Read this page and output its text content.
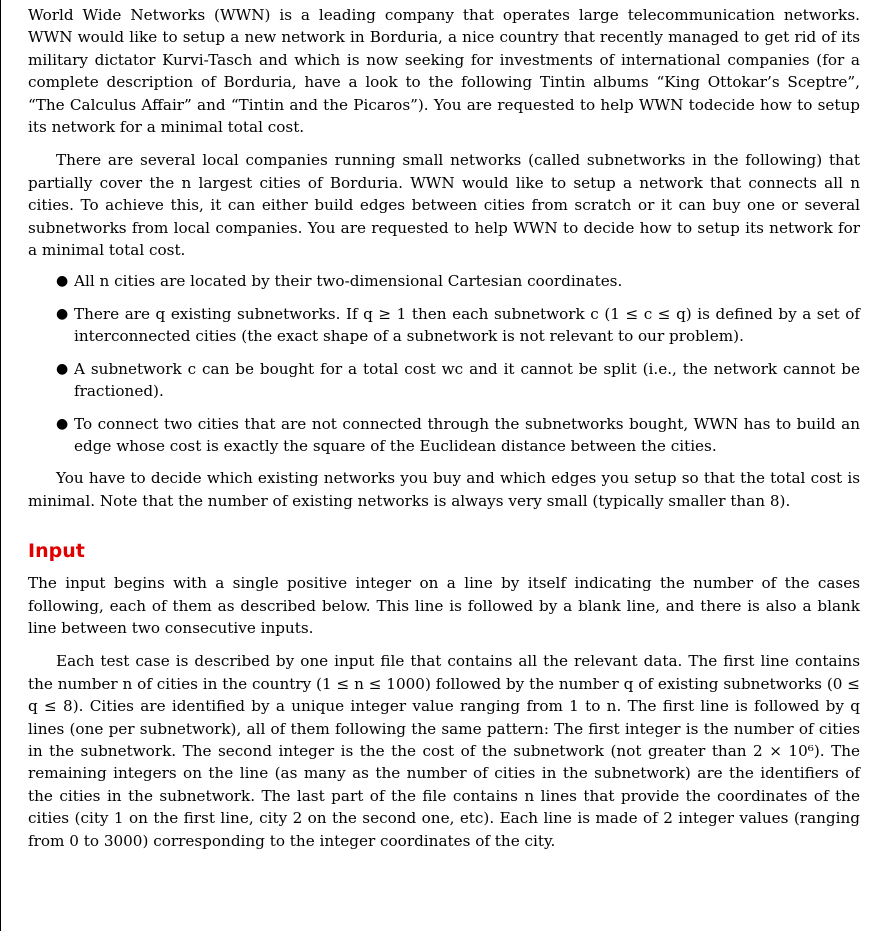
World Wide Networks (WWN) is a leading company that operates large telecommunication networks. WWN would like to setup a new network in Borduria, a nice country that recently managed to get rid of its military dictator Kurvi-Tasch and which is now seeking for investments of international companies (for a complete description of Borduria, have a look to the following Tintin albums “King Ottokar’s Sceptre”, “The Calculus Affair” and “Tintin and the Picaros”). You are requested to help WWN todecide how to setup its network for a minimal total cost.

There are several local companies running small networks (called subnetworks in the following) that partially cover the n largest cities of Borduria. WWN would like to setup a network that connects all n cities. To achieve this, it can either build edges between cities from scratch or it can buy one or several subnetworks from local companies. You are requested to help WWN to decide how to setup its network for a minimal total cost.

● All n cities are located by their two-dimensional Cartesian coordinates.
● There are q existing subnetworks. If q ≥ 1 then each subnetwork c (1 ≤ c ≤ q) is defined by a set of interconnected cities (the exact shape of a subnetwork is not relevant to our problem).
● A subnetwork c can be bought for a total cost wc and it cannot be split (i.e., the network cannot be fractioned).
● To connect two cities that are not connected through the subnetworks bought, WWN has to build an edge whose cost is exactly the square of the Euclidean distance between the cities.

You have to decide which existing networks you buy and which edges you setup so that the total cost is minimal. Note that the number of existing networks is always very small (typically smaller than 8).

Input

The input begins with a single positive integer on a line by itself indicating the number of the cases following, each of them as described below. This line is followed by a blank line, and there is also a blank line between two consecutive inputs.

Each test case is described by one input file that contains all the relevant data. The first line contains the number n of cities in the country (1 ≤ n ≤ 1000) followed by the number q of existing subnetworks (0 ≤ q ≤ 8). Cities are identified by a unique integer value ranging from 1 to n. The first line is followed by q lines (one per subnetwork), all of them following the same pattern: The first integer is the number of cities in the subnetwork. The second integer is the the cost of the subnetwork (not greater than 2 × 10⁶). The remaining integers on the line (as many as the number of cities in the subnetwork) are the identifiers of the cities in the subnetwork. The last part of the file contains n lines that provide the coordinates of the cities (city 1 on the first line, city 2 on the second one, etc). Each line is made of 2 integer values (ranging from 0 to 3000) corresponding to the integer coordinates of the city.
